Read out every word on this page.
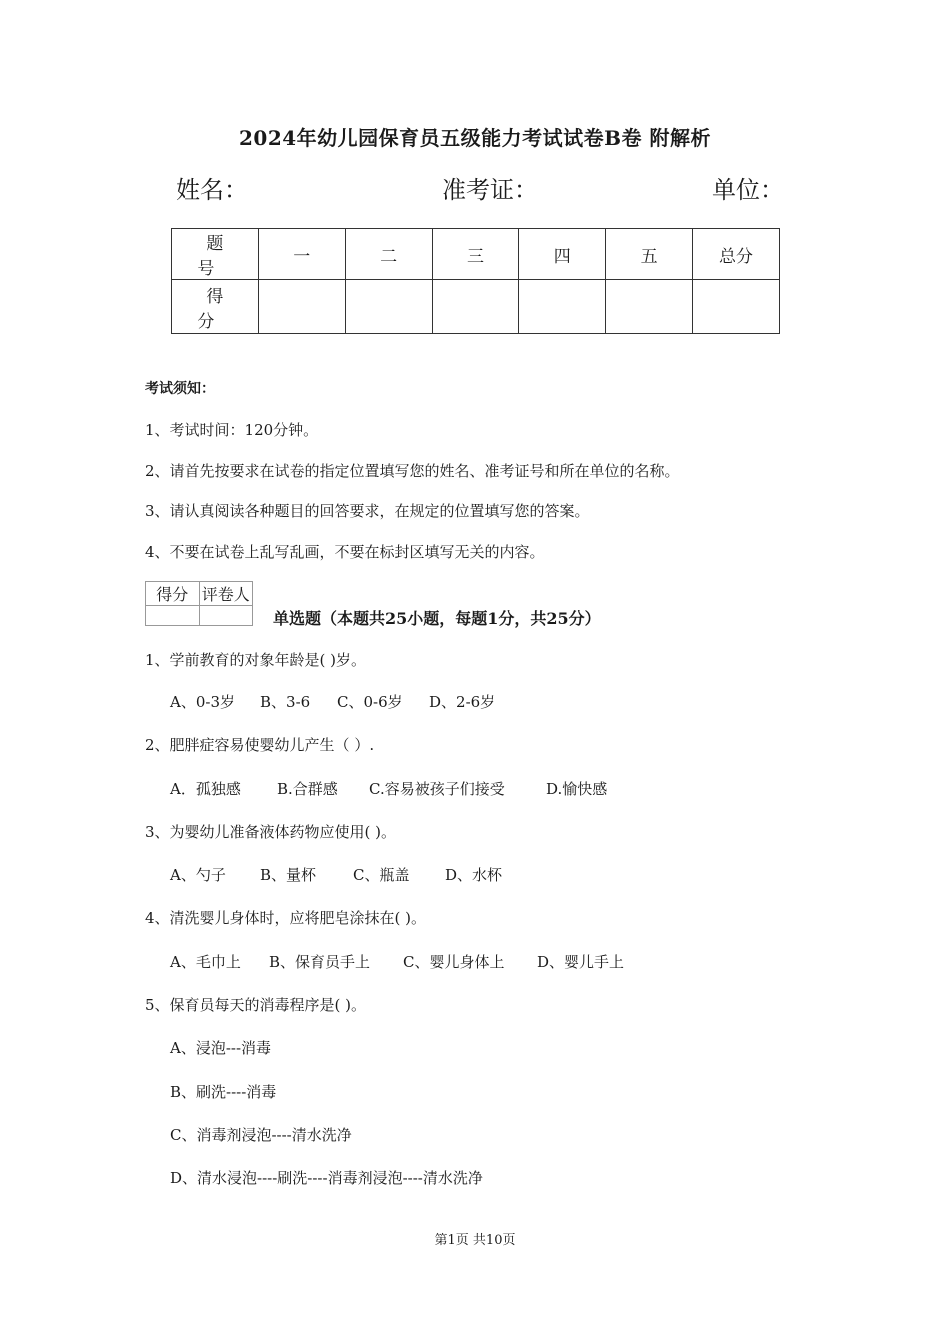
2024年幼儿园保育员五级能力考试试卷B卷 附解析
姓名：	准考证：	单位：
题号	一	二	三	四	五	总分
得分						
考试须知：
1、考试时间：120分钟。
2、请首先按要求在试卷的指定位置填写您的姓名、准考证号和所在单位的名称。
3、请认真阅读各种题目的回答要求，在规定的位置填写您的答案。
4、不要在试卷上乱写乱画，不要在标封区填写无关的内容。
得分	评卷人

单选题（本题共25小题，每题1分，共25分）
1、学前教育的对象年龄是( )岁。
A、0-3岁 B、3-6 C、0-6岁 D、2-6岁
2、肥胖症容易使婴幼儿产生（ ）.
A．孤独感 B.合群感 C.容易被孩子们接受	D.愉快感
3、为婴幼儿准备液体药物应使用( )。
A、勺子 B、量杯 C、瓶盖 D、水杯
4、清洗婴儿身体时，应将肥皂涂抹在( )。
A、毛巾上 B、保育员手上 C、婴儿身体上 D、婴儿手上
5、保育员每天的消毒程序是( )。
A、浸泡---消毒
B、刷洗----消毒
C、消毒剂浸泡----清水洗净
D、清水浸泡----刷洗----消毒剂浸泡----清水洗净
第1页 共10页
